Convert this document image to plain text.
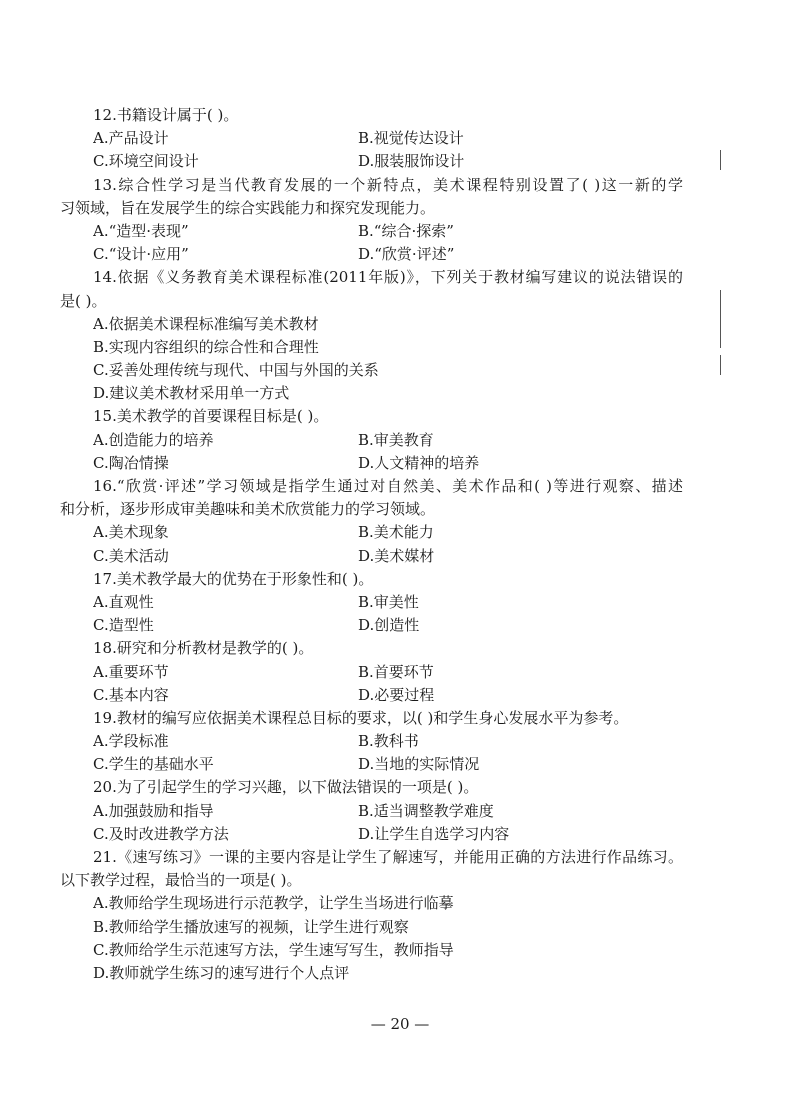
12.书籍设计属于( )。
A.产品设计	B.视觉传达设计
C.环境空间设计	D.服装服饰设计
13.综合性学习是当代教育发展的一个新特点，美术课程特别设置了( )这一新的学
习领域，旨在发展学生的综合实践能力和探究发现能力。
A.“造型·表现”	B.“综合·探索”
C.“设计·应用”	D.“欣赏·评述”
14.依据《义务教育美术课程标准(2011年版)》，下列关于教材编写建议的说法错误的
是( )。
A.依据美术课程标准编写美术教材
B.实现内容组织的综合性和合理性
C.妥善处理传统与现代、中国与外国的关系
D.建议美术教材采用单一方式
15.美术教学的首要课程目标是( )。
A.创造能力的培养	B.审美教育
C.陶冶情操	D.人文精神的培养
16.“欣赏·评述”学习领域是指学生通过对自然美、美术作品和( )等进行观察、描述
和分析，逐步形成审美趣味和美术欣赏能力的学习领域。
A.美术现象	B.美术能力
C.美术活动	D.美术媒材
17.美术教学最大的优势在于形象性和( )。
A.直观性	B.审美性
C.造型性	D.创造性
18.研究和分析教材是教学的( )。
A.重要环节	B.首要环节
C.基本内容	D.必要过程
19.教材的编写应依据美术课程总目标的要求，以( )和学生身心发展水平为参考。
A.学段标准	B.教科书
C.学生的基础水平	D.当地的实际情况
20.为了引起学生的学习兴趣，以下做法错误的一项是( )。
A.加强鼓励和指导	B.适当调整教学难度
C.及时改进教学方法	D.让学生自选学习内容
21.《速写练习》一课的主要内容是让学生了解速写，并能用正确的方法进行作品练习。
以下教学过程，最恰当的一项是( )。
A.教师给学生现场进行示范教学，让学生当场进行临摹
B.教师给学生播放速写的视频，让学生进行观察
C.教师给学生示范速写方法，学生速写写生，教师指导
D.教师就学生练习的速写进行个人点评
— 20 —
